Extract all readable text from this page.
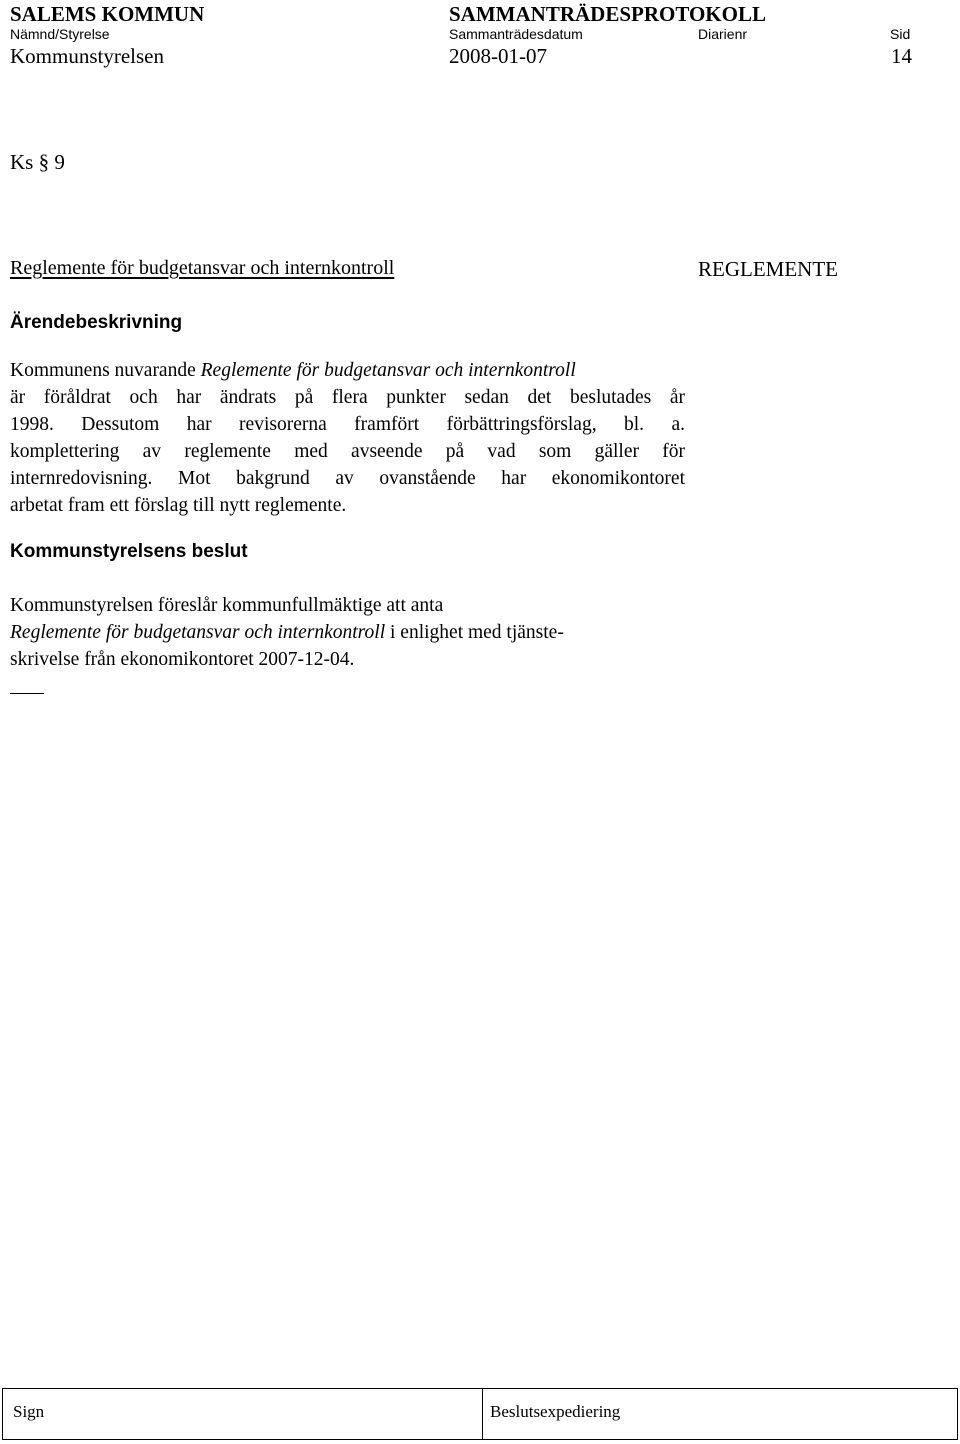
SALEMS KOMMUN	SAMMANTRÄDESPROTOKOLL
Nämnd/Styrelse	Sammanträdesdatum	Diarienr	Sid
Kommunstyrelsen	2008-01-07	14
Ks § 9
Reglemente för budgetansvar och internkontroll	REGLEMENTE
Ärendebeskrivning
Kommunens nuvarande Reglemente för budgetansvar och internkontroll
är föråldrat och har ändrats på flera punkter sedan det beslutades år
1998. Dessutom har revisorerna framfört förbättringsförslag, bl. a.
komplettering av reglemente med avseende på vad som gäller för
internredovisning. Mot bakgrund av ovanstående har ekonomikontoret
arbetat fram ett förslag till nytt reglemente.
Kommunstyrelsens beslut
Kommunstyrelsen föreslår kommunfullmäktige att anta
Reglemente för budgetansvar och internkontroll i enlighet med tjänste-
skrivelse från ekonomikontoret 2007-12-04.
Sign	Beslutsexpediering
